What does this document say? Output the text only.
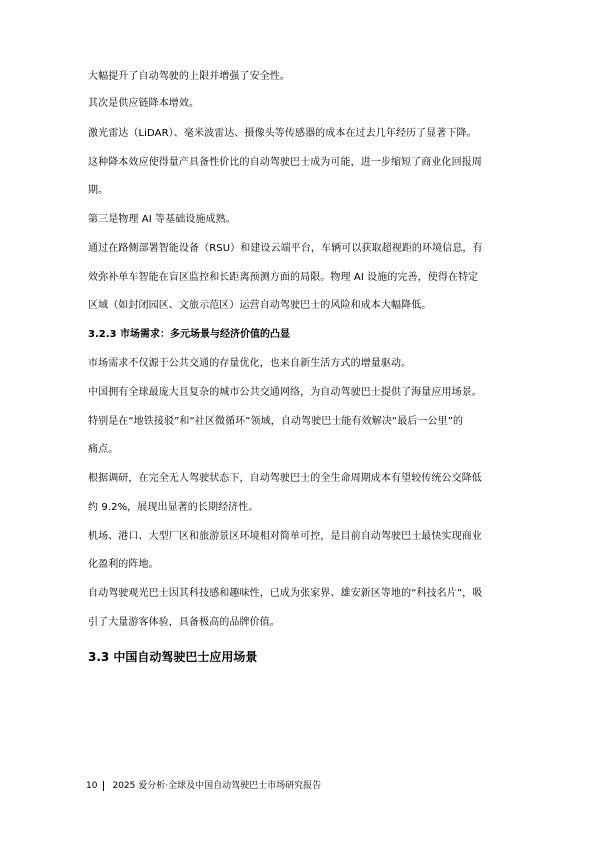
大幅提升了自动驾驶的上限并增强了安全性。
其次是供应链降本增效。
激光雷达（LiDAR）、毫米波雷达、摄像头等传感器的成本在过去几年经历了显著下降。
这种降本效应使得量产具备性价比的自动驾驶巴士成为可能，进一步缩短了商业化回报周
期。
第三是物理 AI 等基础设施成熟。
通过在路侧部署智能设备（RSU）和建设云端平台，车辆可以获取超视距的环境信息，有
效弥补单车智能在盲区监控和长距离预测方面的局限。物理 AI 设施的完善，使得在特定
区域（如封闭园区、文旅示范区）运营自动驾驶巴士的风险和成本大幅降低。
3.2.3 市场需求：多元场景与经济价值的凸显
市场需求不仅源于公共交通的存量优化，也来自新生活方式的增量驱动。
中国拥有全球最庞大且复杂的城市公共交通网络，为自动驾驶巴士提供了海量应用场景。
特别是在“地铁接驳”和“社区微循环”领域，自动驾驶巴士能有效解决“最后一公里”的
痛点。
根据调研，在完全无人驾驶状态下，自动驾驶巴士的全生命周期成本有望较传统公交降低
约 9.2%，展现出显著的长期经济性。
机场、港口、大型厂区和旅游景区环境相对简单可控，是目前自动驾驶巴士最快实现商业
化盈利的阵地。
自动驾驶观光巴士因其科技感和趣味性，已成为张家界、雄安新区等地的“科技名片”，吸
引了大量游客体验，具备极高的品牌价值。
3.3 中国自动驾驶巴士应用场景
10 2025 爱分析·全球及中国自动驾驶巴士市场研究报告
